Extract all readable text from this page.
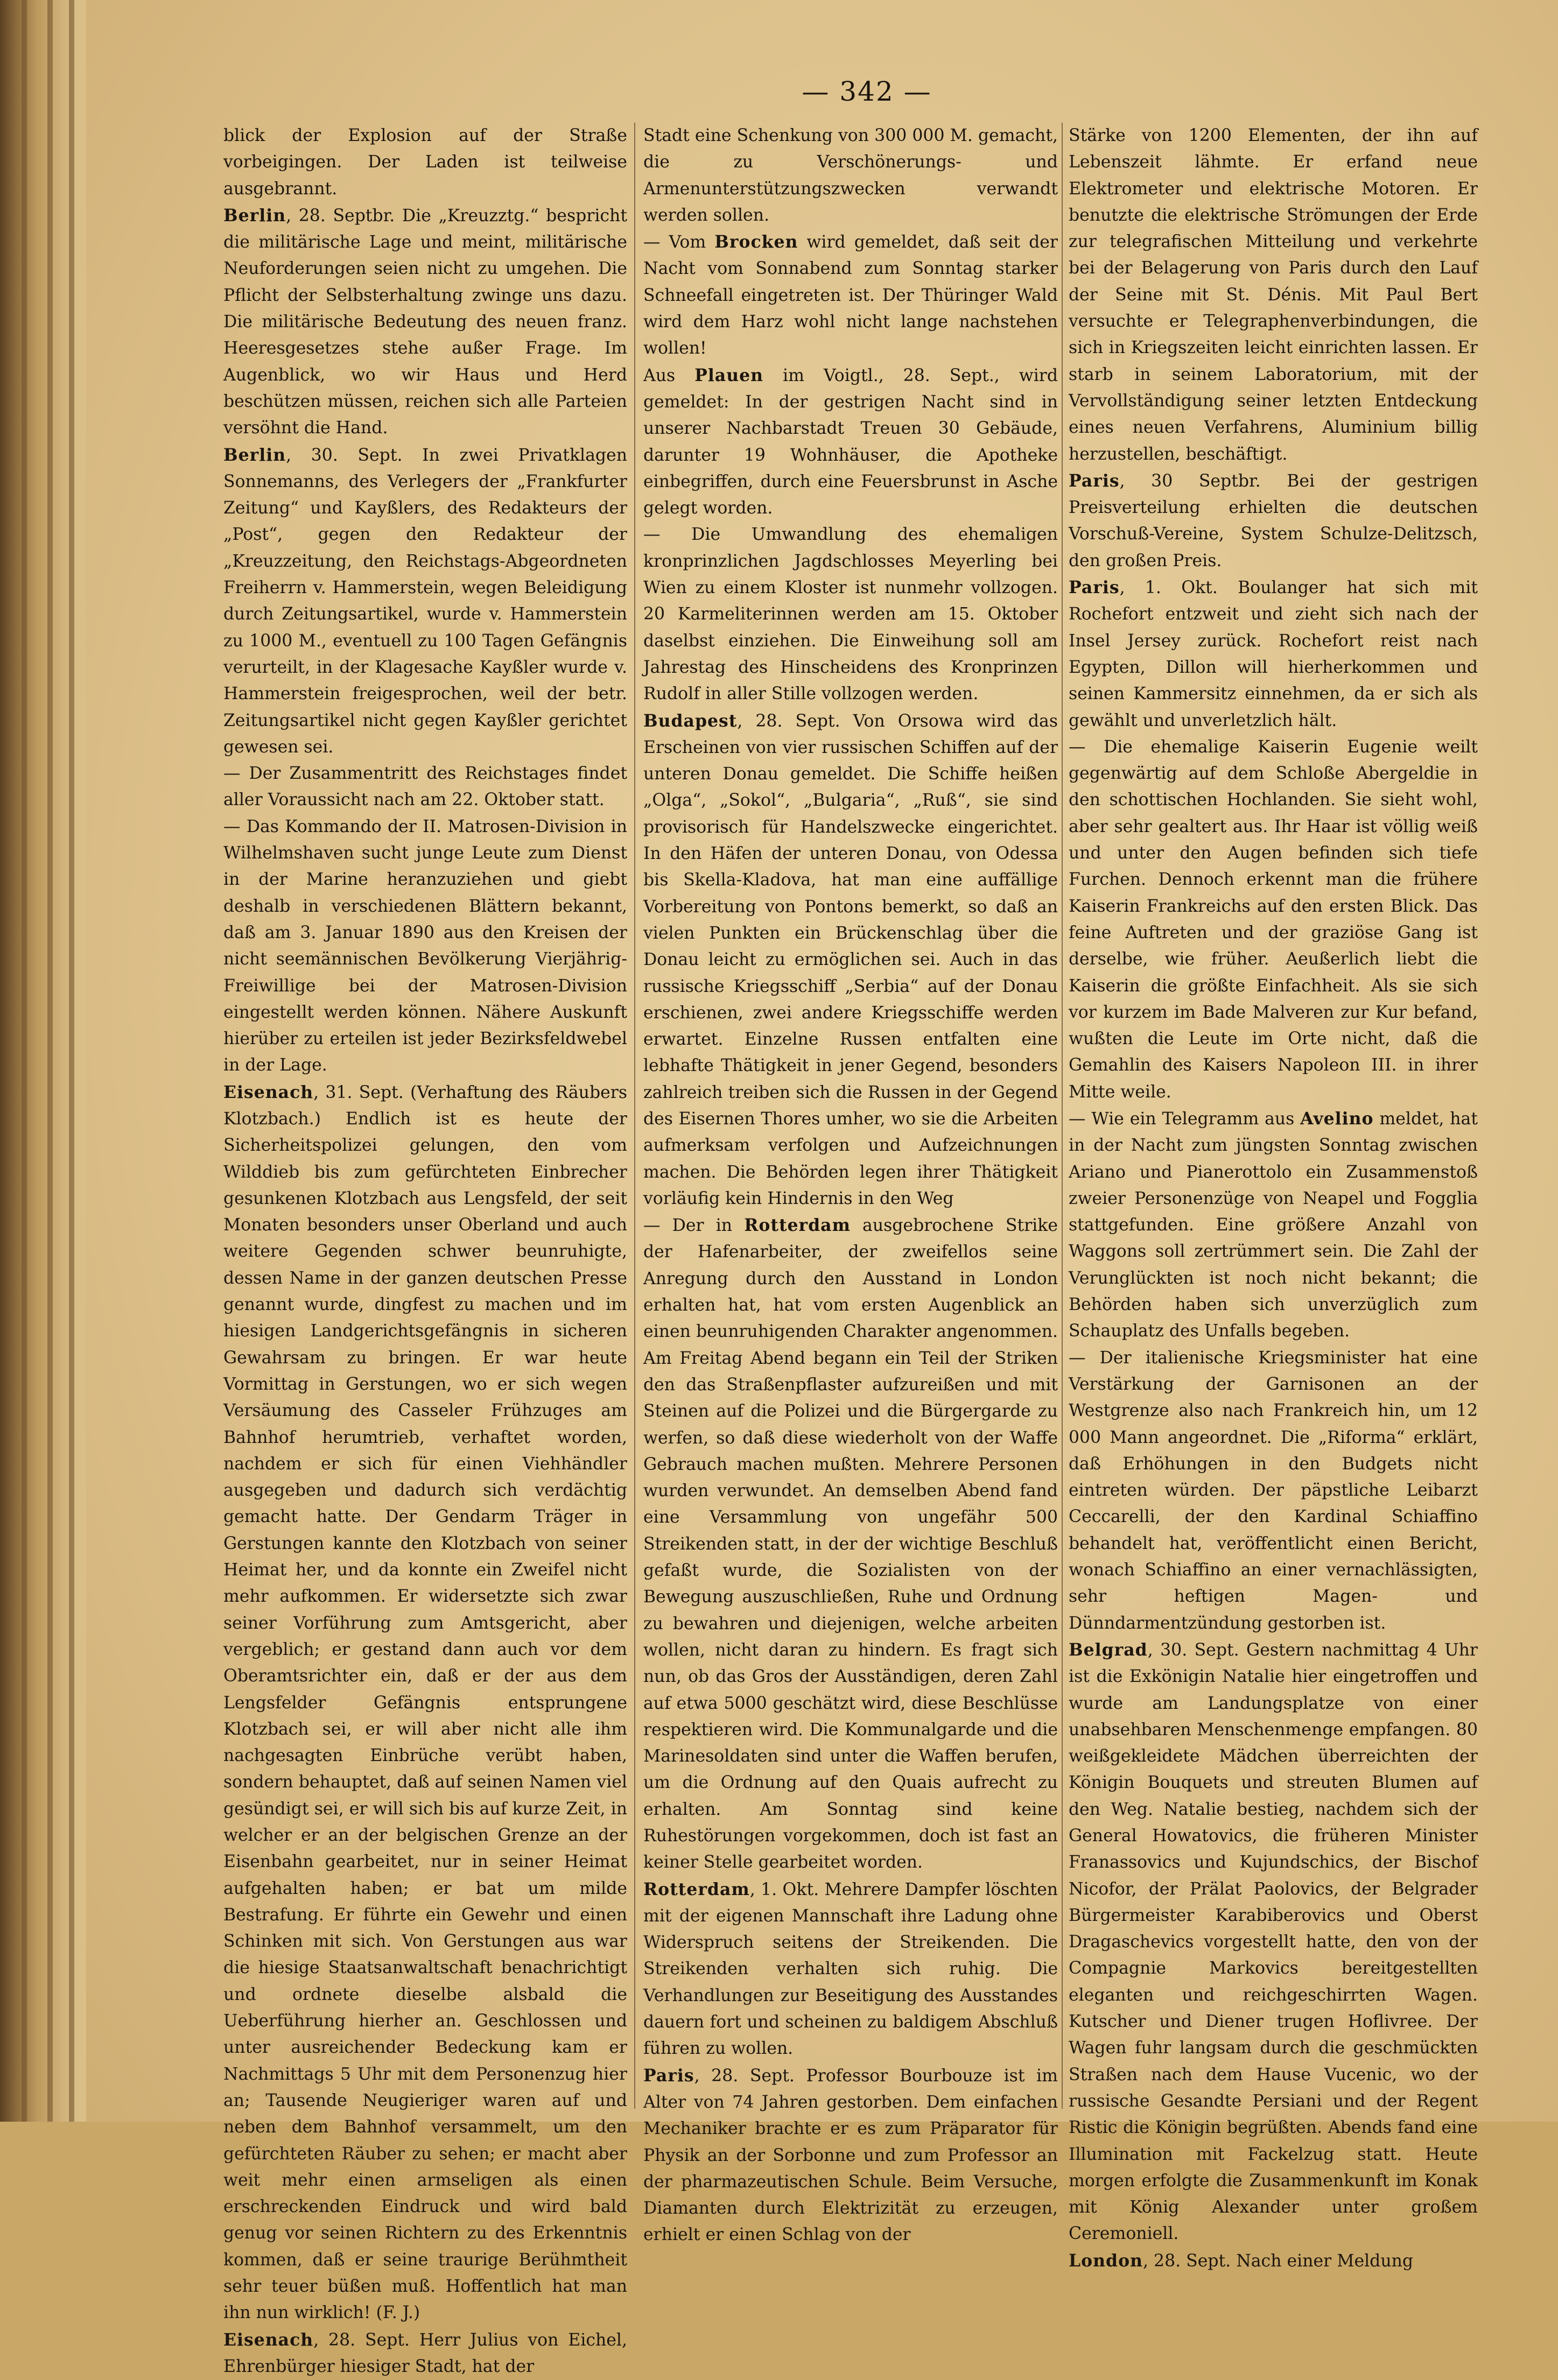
— 342 —

blick der Explosion auf der Straße vorbeigingen. Der Laden ist teilweise ausgebrannt.

Berlin, 28. Septbr. Die „Kreuzztg.“ bespricht die militärische Lage und meint, militärische Neuforderungen seien nicht zu umgehen. Die Pflicht der Selbsterhaltung zwinge uns dazu. Die militärische Bedeutung des neuen franz. Heeresgesetzes stehe außer Frage. Im Augenblick, wo wir Haus und Herd beschützen müssen, reichen sich alle Parteien versöhnt die Hand.

Berlin, 30. Sept. In zwei Privatklagen Sonnemanns, des Verlegers der „Frankfurter Zeitung“ und Kayßlers, des Redakteurs der „Post“, gegen den Redakteur der „Kreuzzeitung, den Reichstags-Abgeordneten Freiherrn v. Hammerstein, wegen Beleidigung durch Zeitungsartikel, wurde v. Hammerstein zu 1000 M., eventuell zu 100 Tagen Gefängnis verurteilt, in der Klagesache Kayßler wurde v. Hammerstein freigesprochen, weil der betr. Zeitungsartikel nicht gegen Kayßler gerichtet gewesen sei.

— Der Zusammentritt des Reichstages findet aller Voraussicht nach am 22. Oktober statt.

— Das Kommando der II. Matrosen-Division in Wilhelmshaven sucht junge Leute zum Dienst in der Marine heranzuziehen und giebt deshalb in verschiedenen Blättern bekannt, daß am 3. Januar 1890 aus den Kreisen der nicht seemännischen Bevölkerung Vierjährig-Freiwillige bei der Matrosen-Division eingestellt werden können. Nähere Auskunft hierüber zu erteilen ist jeder Bezirksfeldwebel in der Lage.

Eisenach, 31. Sept. (Verhaftung des Räubers Klotzbach.) Endlich ist es heute der Sicherheitspolizei gelungen, den vom Wilddieb bis zum gefürchteten Einbrecher gesunkenen Klotzbach aus Lengsfeld, der seit Monaten besonders unser Oberland und auch weitere Gegenden schwer beunruhigte, dessen Name in der ganzen deutschen Presse genannt wurde, dingfest zu machen und im hiesigen Landgerichtsgefängnis in sicheren Gewahrsam zu bringen. Er war heute Vormittag in Gerstungen, wo er sich wegen Versäumung des Casseler Frühzuges am Bahnhof herumtrieb, verhaftet worden, nachdem er sich für einen Viehhändler ausgegeben und dadurch sich verdächtig gemacht hatte. Der Gendarm Träger in Gerstungen kannte den Klotzbach von seiner Heimat her, und da konnte ein Zweifel nicht mehr aufkommen. Er widersetzte sich zwar seiner Vorführung zum Amtsgericht, aber vergeblich; er gestand dann auch vor dem Oberamtsrichter ein, daß er der aus dem Lengsfelder Gefängnis entsprungene Klotzbach sei, er will aber nicht alle ihm nachgesagten Einbrüche verübt haben, sondern behauptet, daß auf seinen Namen viel gesündigt sei, er will sich bis auf kurze Zeit, in welcher er an der belgischen Grenze an der Eisenbahn gearbeitet, nur in seiner Heimat aufgehalten haben; er bat um milde Bestrafung. Er führte ein Gewehr und einen Schinken mit sich. Von Gerstungen aus war die hiesige Staatsanwaltschaft benachrichtigt und ordnete dieselbe alsbald die Ueberführung hierher an. Geschlossen und unter ausreichender Bedeckung kam er Nachmittags 5 Uhr mit dem Personenzug hier an; Tausende Neugieriger waren auf und neben dem Bahnhof versammelt, um den gefürchteten Räuber zu sehen; er macht aber weit mehr einen armseligen als einen erschreckenden Eindruck und wird bald genug vor seinen Richtern zu des Erkenntnis kommen, daß er seine traurige Berühmtheit sehr teuer büßen muß. Hoffentlich hat man ihn nun wirklich! (F. J.)

Eisenach, 28. Sept. Herr Julius von Eichel, Ehrenbürger hiesiger Stadt, hat der

Stadt eine Schenkung von 300 000 M. gemacht, die zu Verschönerungs- und Armenunterstützungszwecken verwandt werden sollen.

— Vom Brocken wird gemeldet, daß seit der Nacht vom Sonnabend zum Sonntag starker Schneefall eingetreten ist. Der Thüringer Wald wird dem Harz wohl nicht lange nachstehen wollen!

Aus Plauen im Voigtl., 28. Sept., wird gemeldet: In der gestrigen Nacht sind in unserer Nachbarstadt Treuen 30 Gebäude, darunter 19 Wohnhäuser, die Apotheke einbegriffen, durch eine Feuersbrunst in Asche gelegt worden.

— Die Umwandlung des ehemaligen kronprinzlichen Jagdschlosses Meyerling bei Wien zu einem Kloster ist nunmehr vollzogen. 20 Karmeliterinnen werden am 15. Oktober daselbst einziehen. Die Einweihung soll am Jahrestag des Hinscheidens des Kronprinzen Rudolf in aller Stille vollzogen werden.

Budapest, 28. Sept. Von Orsowa wird das Erscheinen von vier russischen Schiffen auf der unteren Donau gemeldet. Die Schiffe heißen „Olga“, „Sokol“, „Bulgaria“, „Ruß“, sie sind provisorisch für Handelszwecke eingerichtet. In den Häfen der unteren Donau, von Odessa bis Skella-Kladova, hat man eine auffällige Vorbereitung von Pontons bemerkt, so daß an vielen Punkten ein Brückenschlag über die Donau leicht zu ermöglichen sei. Auch in das russische Kriegsschiff „Serbia“ auf der Donau erschienen, zwei andere Kriegsschiffe werden erwartet. Einzelne Russen entfalten eine lebhafte Thätigkeit in jener Gegend, besonders zahlreich treiben sich die Russen in der Gegend des Eisernen Thores umher, wo sie die Arbeiten aufmerksam verfolgen und Aufzeichnungen machen. Die Behörden legen ihrer Thätigkeit vorläufig kein Hindernis in den Weg

— Der in Rotterdam ausgebrochene Strike der Hafenarbeiter, der zweifellos seine Anregung durch den Ausstand in London erhalten hat, hat vom ersten Augenblick an einen beunruhigenden Charakter angenommen. Am Freitag Abend begann ein Teil der Striken den das Straßenpflaster aufzureißen und mit Steinen auf die Polizei und die Bürgergarde zu werfen, so daß diese wiederholt von der Waffe Gebrauch machen mußten. Mehrere Personen wurden verwundet. An demselben Abend fand eine Versammlung von ungefähr 500 Streikenden statt, in der der wichtige Beschluß gefaßt wurde, die Sozialisten von der Bewegung auszuschließen, Ruhe und Ordnung zu bewahren und diejenigen, welche arbeiten wollen, nicht daran zu hindern. Es fragt sich nun, ob das Gros der Ausständigen, deren Zahl auf etwa 5000 geschätzt wird, diese Beschlüsse respektieren wird. Die Kommunalgarde und die Marinesoldaten sind unter die Waffen berufen, um die Ordnung auf den Quais aufrecht zu erhalten. Am Sonntag sind keine Ruhestörungen vorgekommen, doch ist fast an keiner Stelle gearbeitet worden.

Rotterdam, 1. Okt. Mehrere Dampfer löschten mit der eigenen Mannschaft ihre Ladung ohne Widerspruch seitens der Streikenden. Die Streikenden verhalten sich ruhig. Die Verhandlungen zur Beseitigung des Ausstandes dauern fort und scheinen zu baldigem Abschluß führen zu wollen.

Paris, 28. Sept. Professor Bourbouze ist im Alter von 74 Jahren gestorben. Dem einfachen Mechaniker brachte er es zum Präparator für Physik an der Sorbonne und zum Professor an der pharmazeutischen Schule. Beim Versuche, Diamanten durch Elektrizität zu erzeugen, erhielt er einen Schlag von der

Stärke von 1200 Elementen, der ihn auf Lebenszeit lähmte. Er erfand neue Elektrometer und elektrische Motoren. Er benutzte die elektrische Strömungen der Erde zur telegrafischen Mitteilung und verkehrte bei der Belagerung von Paris durch den Lauf der Seine mit St. Dénis. Mit Paul Bert versuchte er Telegraphenverbindungen, die sich in Kriegszeiten leicht einrichten lassen. Er starb in seinem Laboratorium, mit der Vervollständigung seiner letzten Entdeckung eines neuen Verfahrens, Aluminium billig herzustellen, beschäftigt.

Paris, 30 Septbr. Bei der gestrigen Preisverteilung erhielten die deutschen Vorschuß-Vereine, System Schulze-Delitzsch, den großen Preis.

Paris, 1. Okt. Boulanger hat sich mit Rochefort entzweit und zieht sich nach der Insel Jersey zurück. Rochefort reist nach Egypten, Dillon will hierherkommen und seinen Kammersitz einnehmen, da er sich als gewählt und unverletzlich hält.

— Die ehemalige Kaiserin Eugenie weilt gegenwärtig auf dem Schloße Abergeldie in den schottischen Hochlanden. Sie sieht wohl, aber sehr gealtert aus. Ihr Haar ist völlig weiß und unter den Augen befinden sich tiefe Furchen. Dennoch erkennt man die frühere Kaiserin Frankreichs auf den ersten Blick. Das feine Auftreten und der graziöse Gang ist derselbe, wie früher. Aeußerlich liebt die Kaiserin die größte Einfachheit. Als sie sich vor kurzem im Bade Malveren zur Kur befand, wußten die Leute im Orte nicht, daß die Gemahlin des Kaisers Napoleon III. in ihrer Mitte weile.

— Wie ein Telegramm aus Avelino meldet, hat in der Nacht zum jüngsten Sonntag zwischen Ariano und Pianerottolo ein Zusammenstoß zweier Personenzüge von Neapel und Fogglia stattgefunden. Eine größere Anzahl von Waggons soll zertrümmert sein. Die Zahl der Verunglückten ist noch nicht bekannt; die Behörden haben sich unverzüglich zum Schauplatz des Unfalls begeben.

— Der italienische Kriegsminister hat eine Verstärkung der Garnisonen an der Westgrenze also nach Frankreich hin, um 12 000 Mann angeordnet. Die „Riforma“ erklärt, daß Erhöhungen in den Budgets nicht eintreten würden. Der päpstliche Leibarzt Ceccarelli, der den Kardinal Schiaffino behandelt hat, veröffentlicht einen Bericht, wonach Schiaffino an einer vernachlässigten, sehr heftigen Magen- und Dünndarmentzündung gestorben ist.

Belgrad, 30. Sept. Gestern nachmittag 4 Uhr ist die Exkönigin Natalie hier eingetroffen und wurde am Landungsplatze von einer unabsehbaren Menschenmenge empfangen. 80 weißgekleidete Mädchen überreichten der Königin Bouquets und streuten Blumen auf den Weg. Natalie bestieg, nachdem sich der General Howatovics, die früheren Minister Franassovics und Kujundschics, der Bischof Nicofor, der Prälat Paolovics, der Belgrader Bürgermeister Karabiberovics und Oberst Dragaschevics vorgestellt hatte, den von der Compagnie Markovics bereitgestellten eleganten und reichgeschirrten Wagen. Kutscher und Diener trugen Hoflivree. Der Wagen fuhr langsam durch die geschmückten Straßen nach dem Hause Vucenic, wo der russische Gesandte Persiani und der Regent Ristic die Königin begrüßten. Abends fand eine Illumination mit Fackelzug statt. Heute morgen erfolgte die Zusammenkunft im Konak mit König Alexander unter großem Ceremoniell.

London, 28. Sept. Nach einer Meldung
